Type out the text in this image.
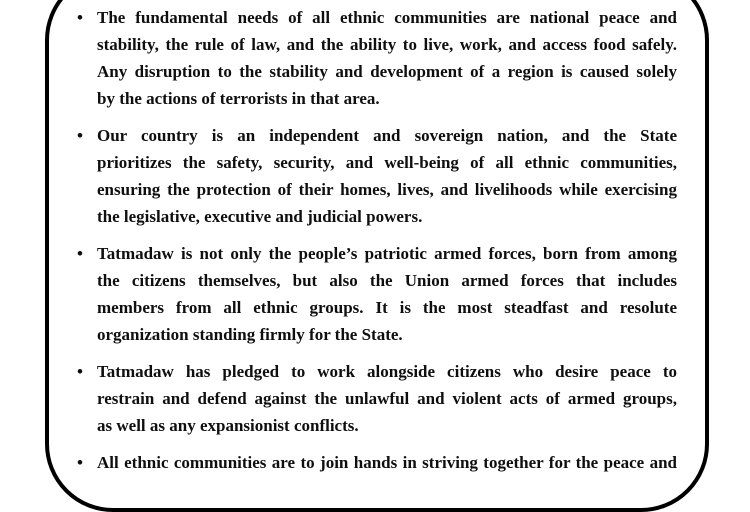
• The fundamental needs of all ethnic communities are national peace and
stability, the rule of law, and the ability to live, work, and access food safely.
Any disruption to the stability and development of a region is caused solely
by the actions of terrorists in that area.
• Our country is an independent and sovereign nation, and the State
prioritizes the safety, security, and well-being of all ethnic communities,
ensuring the protection of their homes, lives, and livelihoods while exercising
the legislative, executive and judicial powers.
• Tatmadaw is not only the people’s patriotic armed forces, born from among
the citizens themselves, but also the Union armed forces that includes
members from all ethnic groups. It is the most steadfast and resolute
organization standing firmly for the State.
• Tatmadaw has pledged to work alongside citizens who desire peace to
restrain and defend against the unlawful and violent acts of armed groups,
as well as any expansionist conflicts.
• All ethnic communities are to join hands in striving together for the peace and
